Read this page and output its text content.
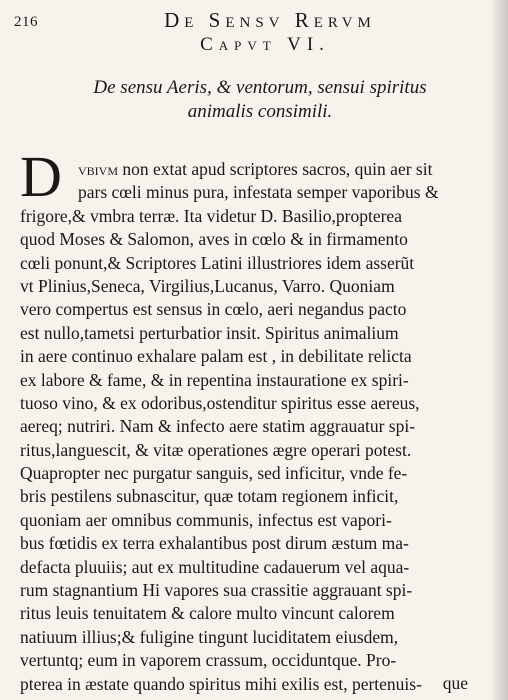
216	De Sensv Rervm
Capvt VI.
De sensu Aeris, & ventorum, sensui spiritus
animalis consimili.
D vbivm non extat apud scriptores sacros, quin aer sit
pars cœli minus pura, infestata semper vaporibus &
frigore,& vmbra terræ. Ita videtur D. Basilio,propterea
quod Moses & Salomon, aves in cœlo & in firmamento
cœli ponunt,& Scriptores Latini illustriores idem asserũt
vt Plinius,Seneca, Virgilius,Lucanus, Varro. Quoniam
vero compertus est sensus in cœlo, aeri negandus pacto
est nullo,tametsi perturbatior insit. Spiritus animalium
in aere continuo exhalare palam est , in debilitate relicta
ex labore & fame, & in repentina instauratione ex spiri-
tuoso vino, & ex odoribus,ostenditur spiritus esse aereus,
aereq; nutriri. Nam & infecto aere statim aggrauatur spi-
ritus,languescit, & vitæ operationes ægre operari potest.
Quapropter nec purgatur sanguis, sed inficitur, vnde fe-
bris pestilens subnascitur, quæ totam regionem inficit,
quoniam aer omnibus communis, infectus est vapori-
bus fœtidis ex terra exhalantibus post dirum æstum ma-
defacta pluuiis; aut ex multitudine cadauerum vel aqua-
rum stagnantium Hi vapores sua crassitie aggrauant spi-
ritus leuis tenuitatem & calore multo vincunt calorem
natiuum illius;& fuligine tingunt luciditatem eiusdem,
vertuntq; eum in vaporem crassum, occiduntque. Pro-
pterea in æstate quando spiritus mihi exilis est, pertenuis-	que
